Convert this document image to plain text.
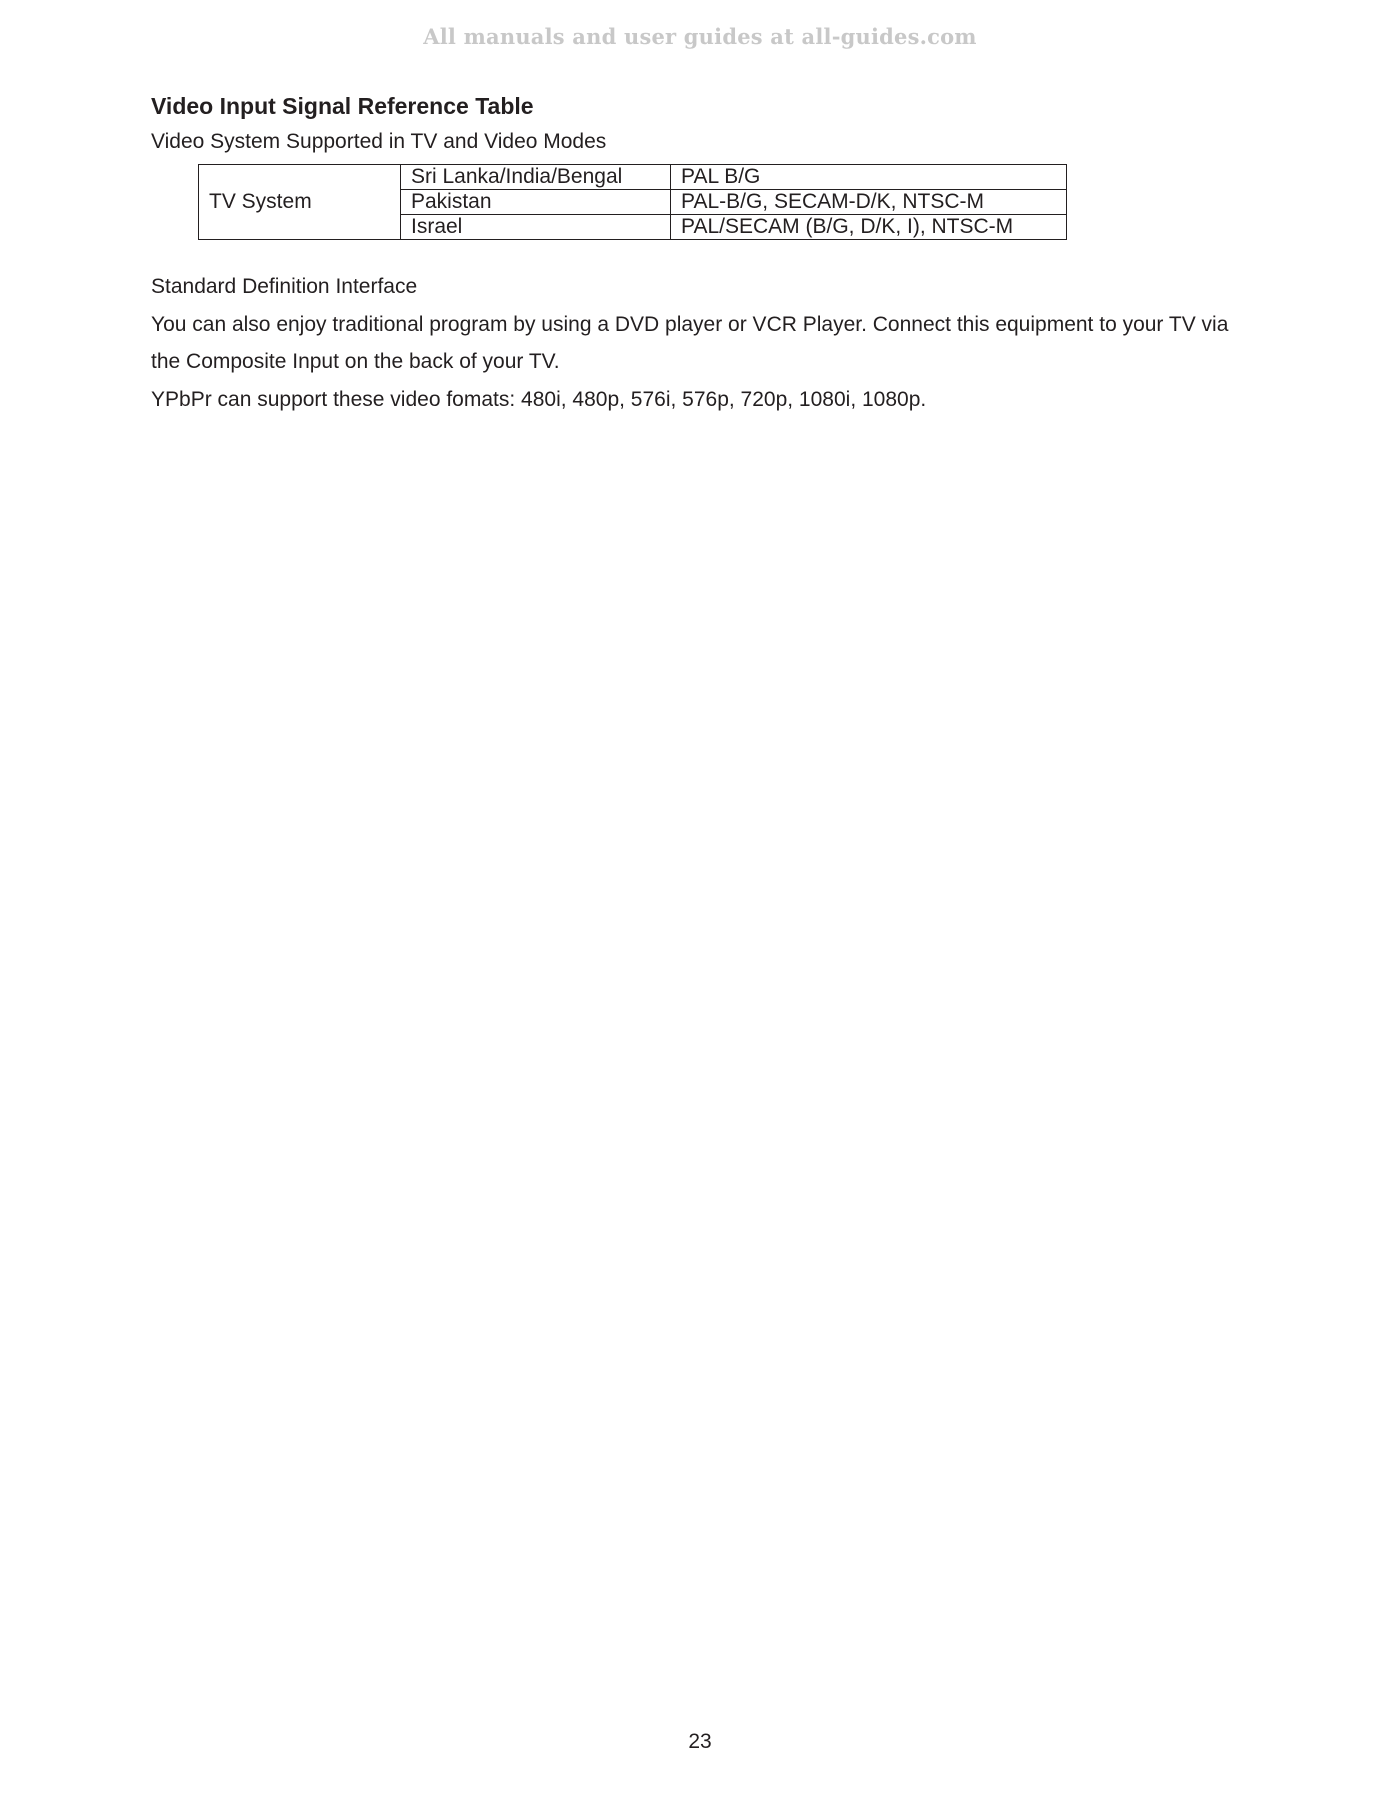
All manuals and user guides at all-guides.com
Video Input Signal Reference Table

Video System Supported in TV and Video Modes

TV System	Sri Lanka/India/Bengal	PAL B/G
	Pakistan	PAL-B/G, SECAM-D/K, NTSC-M
	Israel	PAL/SECAM (B/G, D/K, I), NTSC-M

Standard Definition Interface

You can also enjoy traditional program by using a DVD player or VCR Player. Connect this equipment to your TV via

the Composite Input on the back of your TV.

YPbPr can support these video fomats: 480i, 480p, 576i, 576p, 720p, 1080i, 1080p.

23
